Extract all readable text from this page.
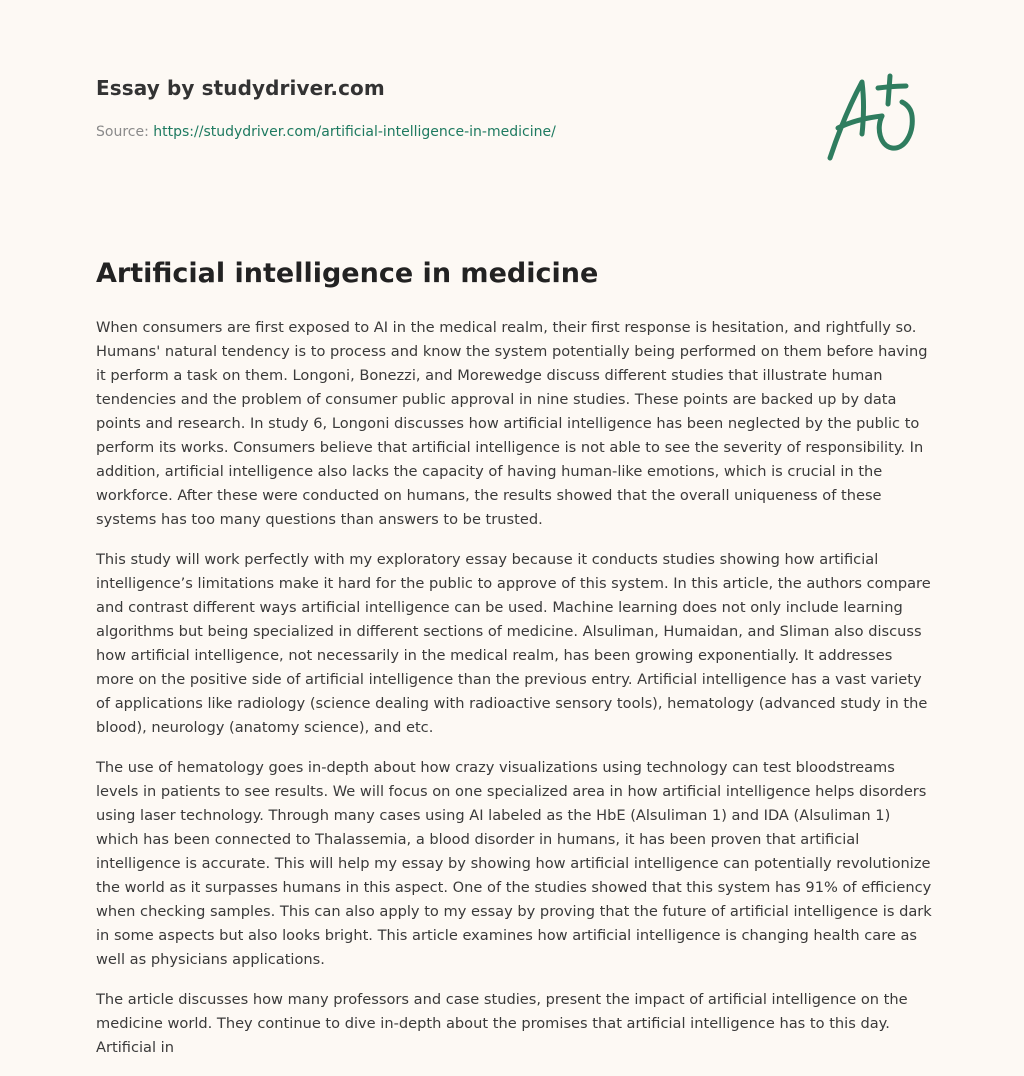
Essay by studydriver.com
Source: https://studydriver.com/artificial-intelligence-in-medicine/
Artificial intelligence in medicine

When consumers are first exposed to AI in the medical realm, their first response is hesitation, and rightfully so. Humans' natural tendency is to process and know the system potentially being performed on them before having it perform a task on them. Longoni, Bonezzi, and Morewedge discuss different studies that illustrate human tendencies and the problem of consumer public approval in nine studies. These points are backed up by data points and research. In study 6, Longoni discusses how artificial intelligence has been neglected by the public to perform its works. Consumers believe that artificial intelligence is not able to see the severity of responsibility. In addition, artificial intelligence also lacks the capacity of having human-like emotions, which is crucial in the workforce. After these were conducted on humans, the results showed that the overall uniqueness of these systems has too many questions than answers to be trusted.

This study will work perfectly with my exploratory essay because it conducts studies showing how artificial intelligence’s limitations make it hard for the public to approve of this system. In this article, the authors compare and contrast different ways artificial intelligence can be used. Machine learning does not only include learning algorithms but being specialized in different sections of medicine. Alsuliman, Humaidan, and Sliman also discuss how artificial intelligence, not necessarily in the medical realm, has been growing exponentially. It addresses more on the positive side of artificial intelligence than the previous entry. Artificial intelligence has a vast variety of applications like radiology (science dealing with radioactive sensory tools), hematology (advanced study in the blood), neurology (anatomy science), and etc.

The use of hematology goes in-depth about how crazy visualizations using technology can test bloodstreams levels in patients to see results. We will focus on one specialized area in how artificial intelligence helps disorders using laser technology. Through many cases using AI labeled as the HbE (Alsuliman 1) and IDA (Alsuliman 1) which has been connected to Thalassemia, a blood disorder in humans, it has been proven that artificial intelligence is accurate. This will help my essay by showing how artificial intelligence can potentially revolutionize the world as it surpasses humans in this aspect. One of the studies showed that this system has 91% of efficiency when checking samples. This can also apply to my essay by proving that the future of artificial intelligence is dark in some aspects but also looks bright. This article examines how artificial intelligence is changing health care as well as physicians applications.

The article discusses how many professors and case studies, present the impact of artificial intelligence on the medicine world. They continue to dive in-depth about the promises that artificial intelligence has to this day. Artificial in
